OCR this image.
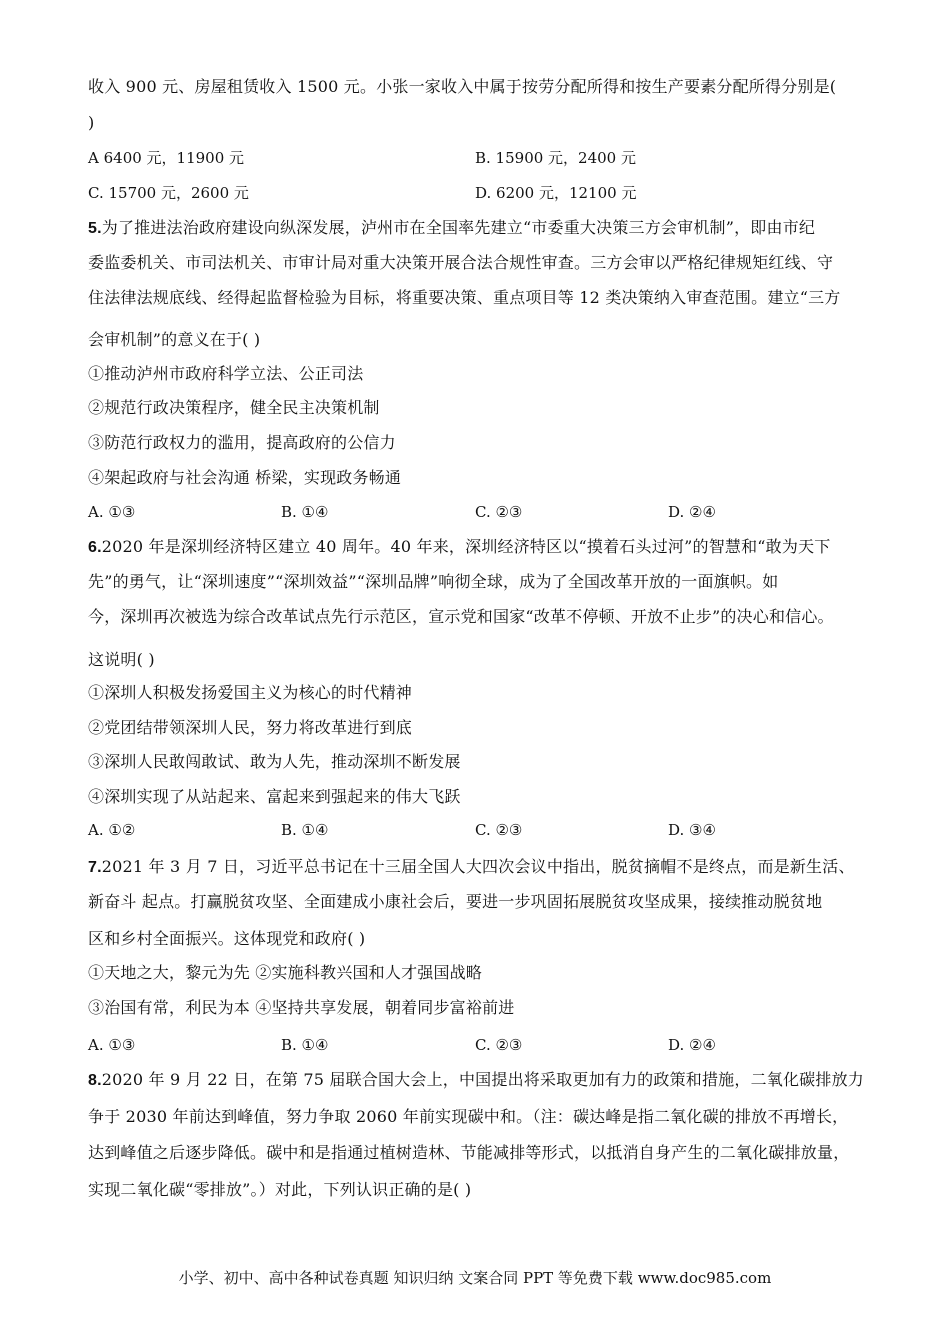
收入 900 元、房屋租赁收入 1500 元。小张一家收入中属于按劳分配所得和按生产要素分配所得分别是(
)
A 6400 元，11900 元	B. 15900 元，2400 元
C. 15700 元，2600 元	D. 6200 元，12100 元
5.为了推进法治政府建设向纵深发展，泸州市在全国率先建立“市委重大决策三方会审机制”，即由市纪
委监委机关、市司法机关、市审计局对重大决策开展合法合规性审查。三方会审以严格纪律规矩红线、守
住法律法规底线、经得起监督检验为目标，将重要决策、重点项目等 12 类决策纳入审查范围。建立“三方
会审机制”的意义在于( )
①推动泸州市政府科学立法、公正司法
②规范行政决策程序，健全民主决策机制
③防范行政权力的滥用，提高政府的公信力
④架起政府与社会沟通 桥梁，实现政务畅通
A. ①③	B. ①④	C. ②③	D. ②④
6.2020 年是深圳经济特区建立 40 周年。40 年来，深圳经济特区以“摸着石头过河”的智慧和“敢为天下
先”的勇气，让“深圳速度”“深圳效益”“深圳品牌”响彻全球，成为了全国改革开放的一面旗帜。如
今，深圳再次被选为综合改革试点先行示范区，宣示党和国家“改革不停顿、开放不止步”的决心和信心。
这说明( )
①深圳人积极发扬爱国主义为核心的时代精神
②党团结带领深圳人民，努力将改革进行到底
③深圳人民敢闯敢试、敢为人先，推动深圳不断发展
④深圳实现了从站起来、富起来到强起来的伟大飞跃
A. ①②	B. ①④	C. ②③	D. ③④
7.2021 年 3 月 7 日，习近平总书记在十三届全国人大四次会议中指出，脱贫摘帽不是终点，而是新生活、
新奋斗 起点。打赢脱贫攻坚、全面建成小康社会后，要进一步巩固拓展脱贫攻坚成果，接续推动脱贫地
区和乡村全面振兴。这体现党和政府( )
①天地之大，黎元为先 ②实施科教兴国和人才强国战略
③治国有常，利民为本 ④坚持共享发展，朝着同步富裕前进
A. ①③	B. ①④	C. ②③	D. ②④
8.2020 年 9 月 22 日，在第 75 届联合国大会上，中国提出将采取更加有力的政策和措施，二氧化碳排放力
争于 2030 年前达到峰值，努力争取 2060 年前实现碳中和。（注：碳达峰是指二氧化碳的排放不再增长，
达到峰值之后逐步降低。碳中和是指通过植树造林、节能减排等形式，以抵消自身产生的二氧化碳排放量，
实现二氧化碳“零排放”。）对此，下列认识正确的是( )
小学、初中、高中各种试卷真题 知识归纳 文案合同 PPT 等免费下载 www.doc985.com
